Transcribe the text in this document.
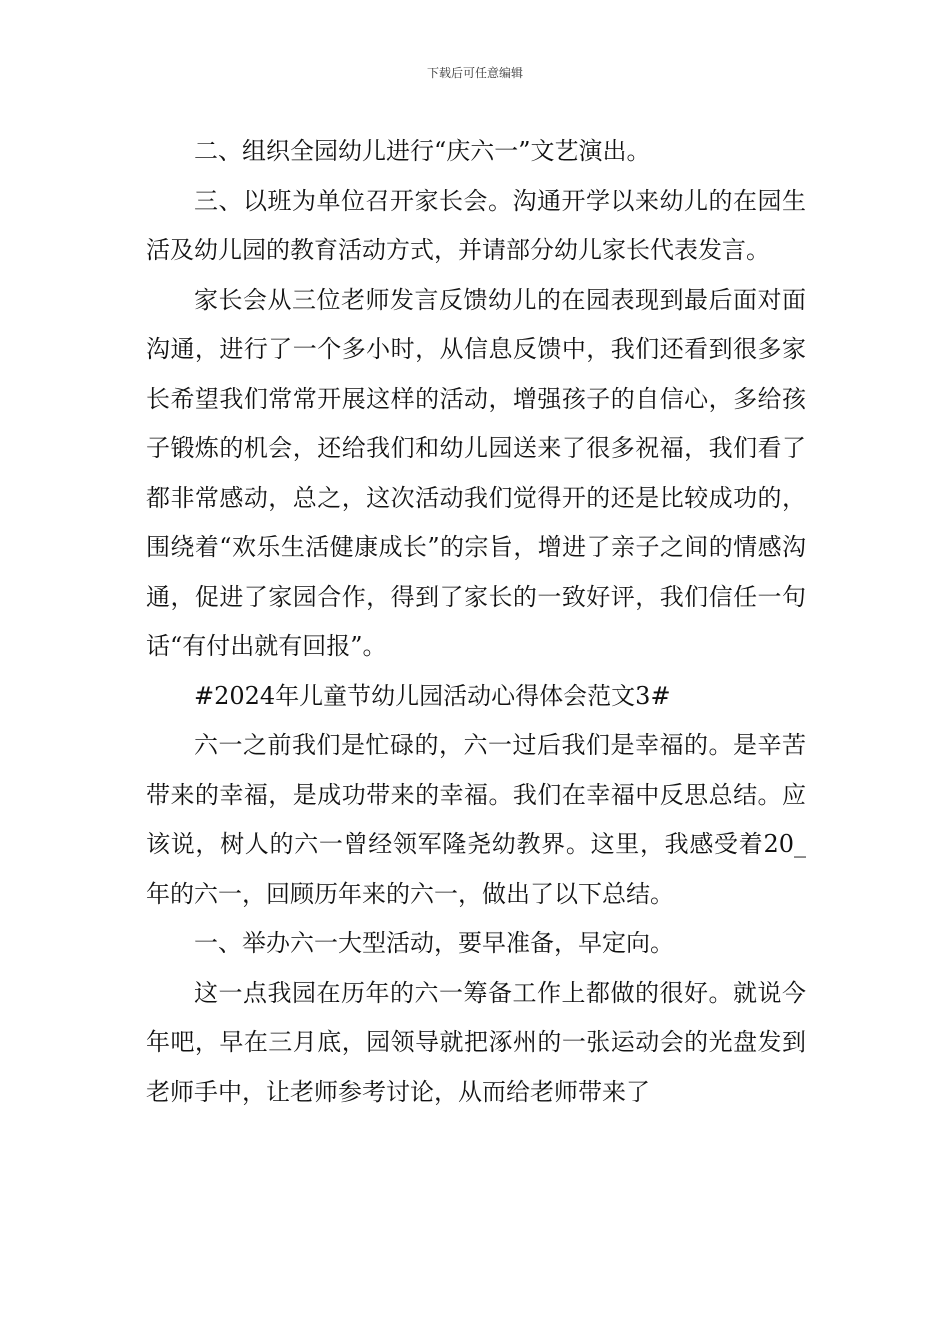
下载后可任意编辑

二、组织全园幼儿进行“庆六一”文艺演出。

三、以班为单位召开家长会。沟通开学以来幼儿的在园生活及幼儿园的教育活动方式，并请部分幼儿家长代表发言。

家长会从三位老师发言反馈幼儿的在园表现到最后面对面沟通，进行了一个多小时，从信息反馈中，我们还看到很多家长希望我们常常开展这样的活动，增强孩子的自信心，多给孩子锻炼的机会，还给我们和幼儿园送来了很多祝福，我们看了都非常感动，总之，这次活动我们觉得开的还是比较成功的，围绕着“欢乐生活健康成长”的宗旨，增进了亲子之间的情感沟通，促进了家园合作，得到了家长的一致好评，我们信任一句话“有付出就有回报”。

#2024年儿童节幼儿园活动心得体会范文3#

六一之前我们是忙碌的，六一过后我们是幸福的。是辛苦带来的幸福，是成功带来的幸福。我们在幸福中反思总结。应该说，树人的六一曾经领军隆尧幼教界。这里，我感受着20_年的六一，回顾历年来的六一，做出了以下总结。

一、举办六一大型活动，要早准备，早定向。

这一点我园在历年的六一筹备工作上都做的很好。就说今年吧，早在三月底，园领导就把涿州的一张运动会的光盘发到老师手中，让老师参考讨论，从而给老师带来了
